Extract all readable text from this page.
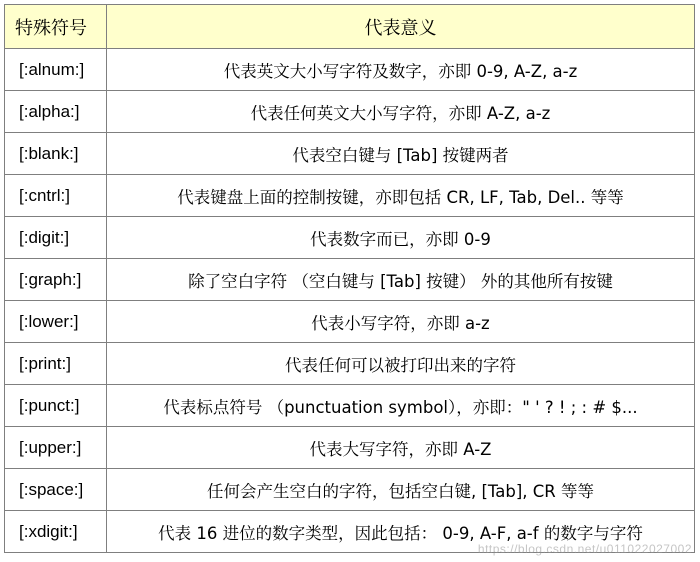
特殊符号	代表意义
[:alnum:]	代表英文大小写字符及数字，亦即 0-9, A-Z, a-z
[:alpha:]	代表任何英文大小写字符，亦即 A-Z, a-z
[:blank:]	代表空白键与 [Tab] 按键两者
[:cntrl:]	代表键盘上面的控制按键，亦即包括 CR, LF, Tab, Del.. 等等
[:digit:]	代表数字而已，亦即 0-9
[:graph:]	除了空白字符 （空白键与 [Tab] 按键） 外的其他所有按键
[:lower:]	代表小写字符，亦即 a-z
[:print:]	代表任何可以被打印出来的字符
[:punct:]	代表标点符号 （punctuation symbol），亦即：" ' ? ! ; : # $...
[:upper:]	代表大写字符，亦即 A-Z
[:space:]	任何会产生空白的字符，包括空白键, [Tab], CR 等等
[:xdigit:]	代表 16 进位的数字类型，因此包括： 0-9, A-F, a-f 的数字与字符
https://blog.csdn.net/u011022027002
